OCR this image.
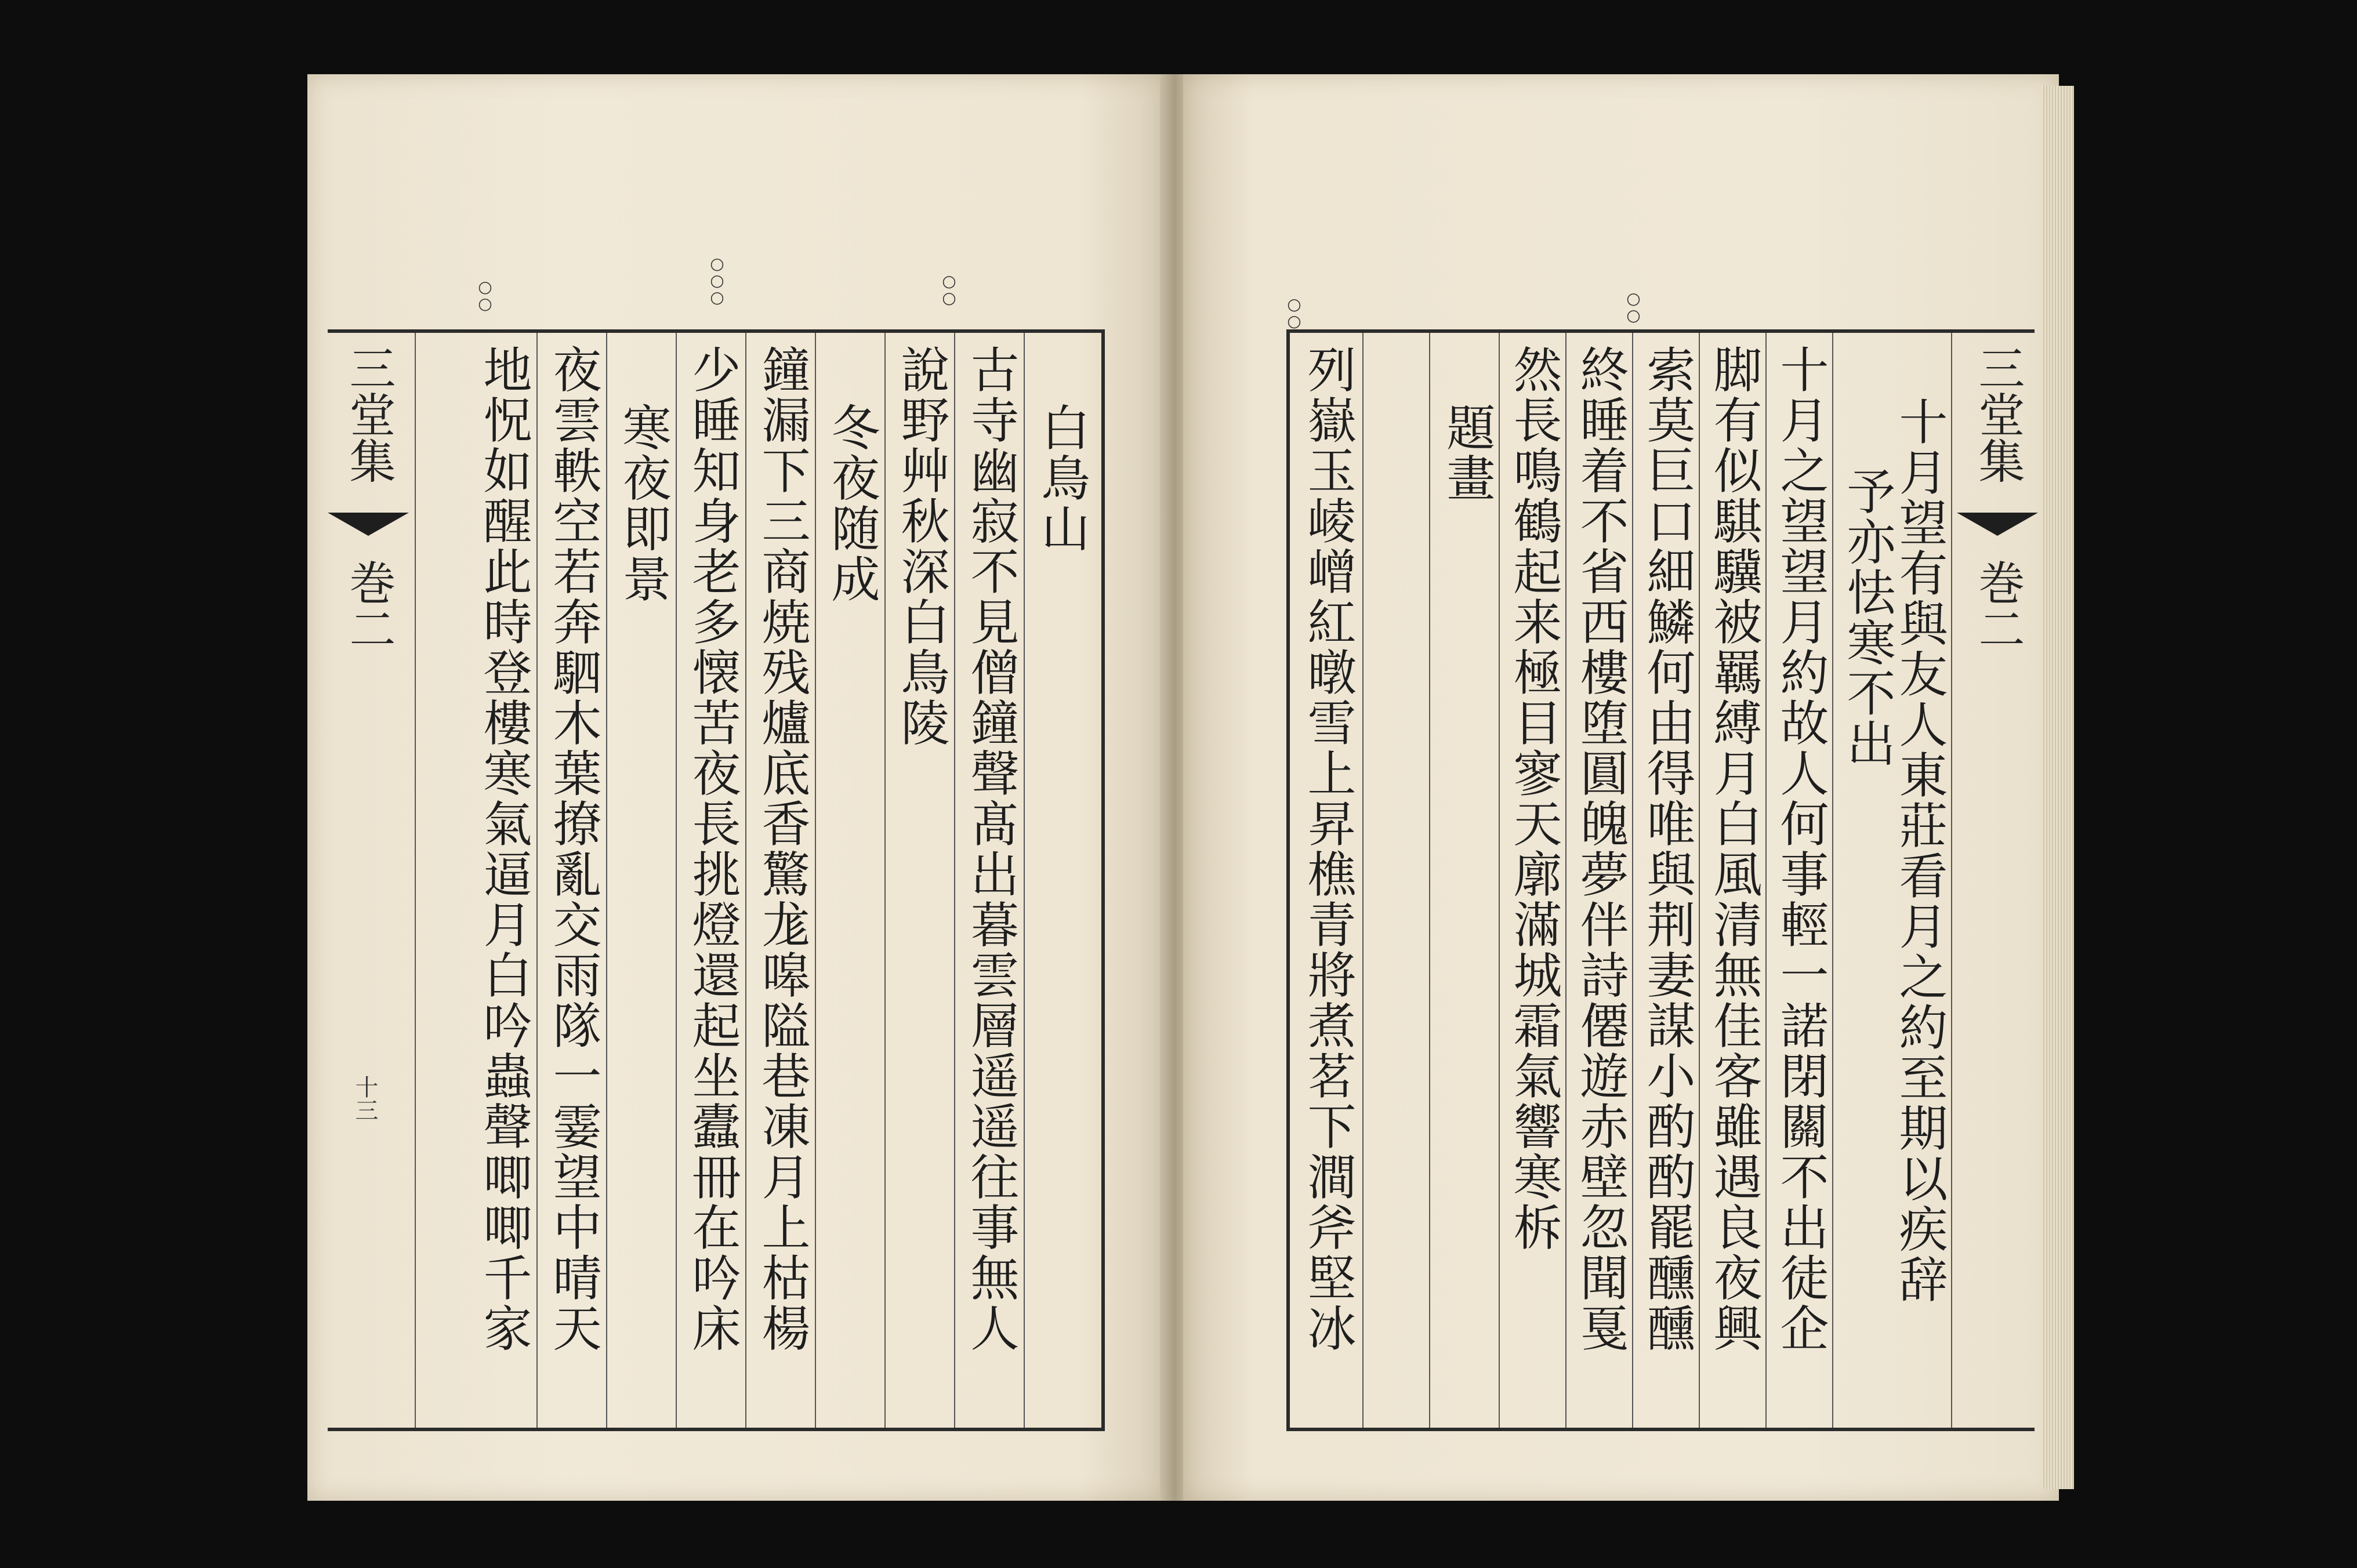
白鳥山
古寺幽寂不見僧鐘聲髙出暮雲層遥遥往事無人
說野艸秋深白鳥陵
冬夜随成
鐘漏下三商焼残爐底香驚尨嗥隘巷凍月上枯楊
少睡知身老多懐苦夜長挑燈還起坐蠹冊在吟床
寒夜即景
夜雲軼空若奔駟木葉撩亂交雨隊一霎望中晴天
地怳如醒此時登樓寒氣逼月白吟蟲聲唧唧千家
三堂集
巻二
十三
○○
○○○
○○
三堂集
巻二
十月望有與友人東莊看月之約至期以疾辞
予亦怯寒不出
十月之望望月約故人何事輕一諾閉關不出徒企
脚有似騏驥被羈縛月白風清無佳客雖遇良夜興
索莫巨口細鱗何由得唯與荆妻謀小酌酌罷醺醺
終睡着不省西樓堕圓魄夢伴詩僊遊赤壁忽聞戛
然長鳴鶴起来極目寥天廓滿城霜氣響寒柝
題畫
列嶽玉崚嶒紅暾雪上昇樵青將煮茗下澗斧堅冰
○○
○○
